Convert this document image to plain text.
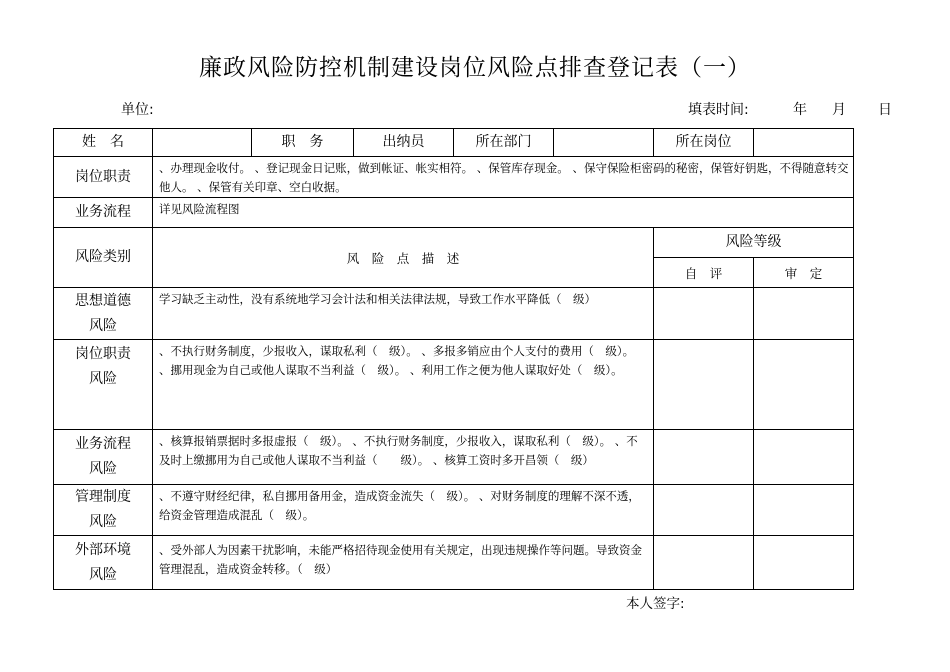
廉政风险防控机制建设岗位风险点排查登记表（一）
单位:	填表时间:	年 月 日
姓　名		职　务	出纳员	所在部门		所在岗位	
岗位职责	、办理现金收付。 、登记现金日记账，做到帐证、帐实相符。 、保管库存现金。 、保守保险柜密码的秘密，保管好钥匙，不得随意转交他人。 、保管有关印章、空白收据。						
业务流程	详见风险流程图						
风险类别	风　险　点　描　述					风险等级	
						自　评	审　定
思想道德
风险	学习缺乏主动性，没有系统地学习会计法和相关法律法规，导致工作水平降低（　级）						
岗位职责
风险	、不执行财务制度，少报收入，谋取私利（　级）。 、多报多销应由个人支付的费用（　级）。 、挪用现金为自己或他人谋取不当利益（　级）。 、利用工作之便为他人谋取好处（　级）。						
业务流程
风险	、核算报销票据时多报虚报（　级）。 、不执行财务制度，少报收入，谋取私利（　级）。 、不及时上缴挪用为自己或他人谋取不当利益（　　级）。 、核算工资时多开昌领（　级）						
管理制度
风险	、不遵守财经纪律，私自挪用备用金，造成资金流失（　级）。 、对财务制度的理解不深不透，给资金管理造成混乱（　级）。						
外部环境
风险	、受外部人为因素干扰影响，未能严格招待现金使用有关规定，出现违规操作等问题。导致资金管理混乱，造成资金转移。（　级）						
本人签字:
